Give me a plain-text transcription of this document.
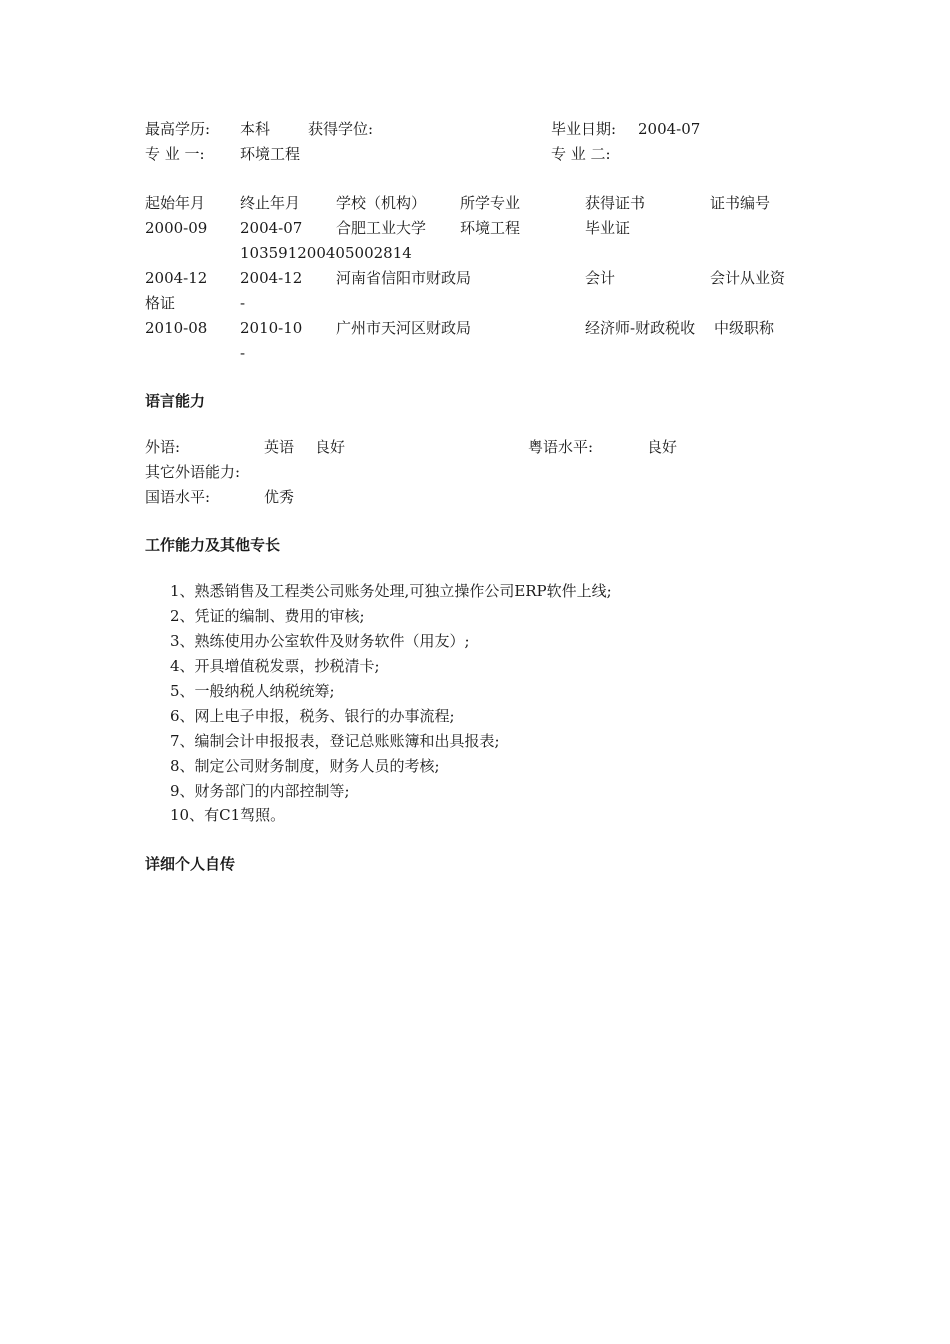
最高学历: 本科	获得学位:	毕业日期: 2004-07
专 业 一: 环境工程	专 业 二:
起始年月 终止年月 学校（机构） 所学专业	获得证书	证书编号
2000-09 2004-07 合肥工业大学 环境工程	毕业证
10359120040500281​4
2004-12 2004-12 河南省信阳市财政局	会计	会计从业资
格证	-
2010-08 2010-10 广州市天河区财政局	经济师-财政税收 中级职称
-
语言能力
外语:	英语 良好	粤语水平:	良好
其它外语能力:
国语水平:	优秀
工作能力及其他专长
1、熟悉销售及工程类公司账务处理,可独立操作公司ERP软件上线;
2、凭证的编制、费用的审核;
3、熟练使用办公室软件及财务软件（用友）;
4、开具增值税发票，抄税清卡;
5、一般纳税人纳税统筹;
6、网上电子申报，税务、银行的办事流程;
7、编制会计申报报表，登记总账账簿和出具报表;
8、制定公司财务制度，财务人员的考核;
9、财务部门的内部控制等;
10、有C1驾照。
详细个人自传
